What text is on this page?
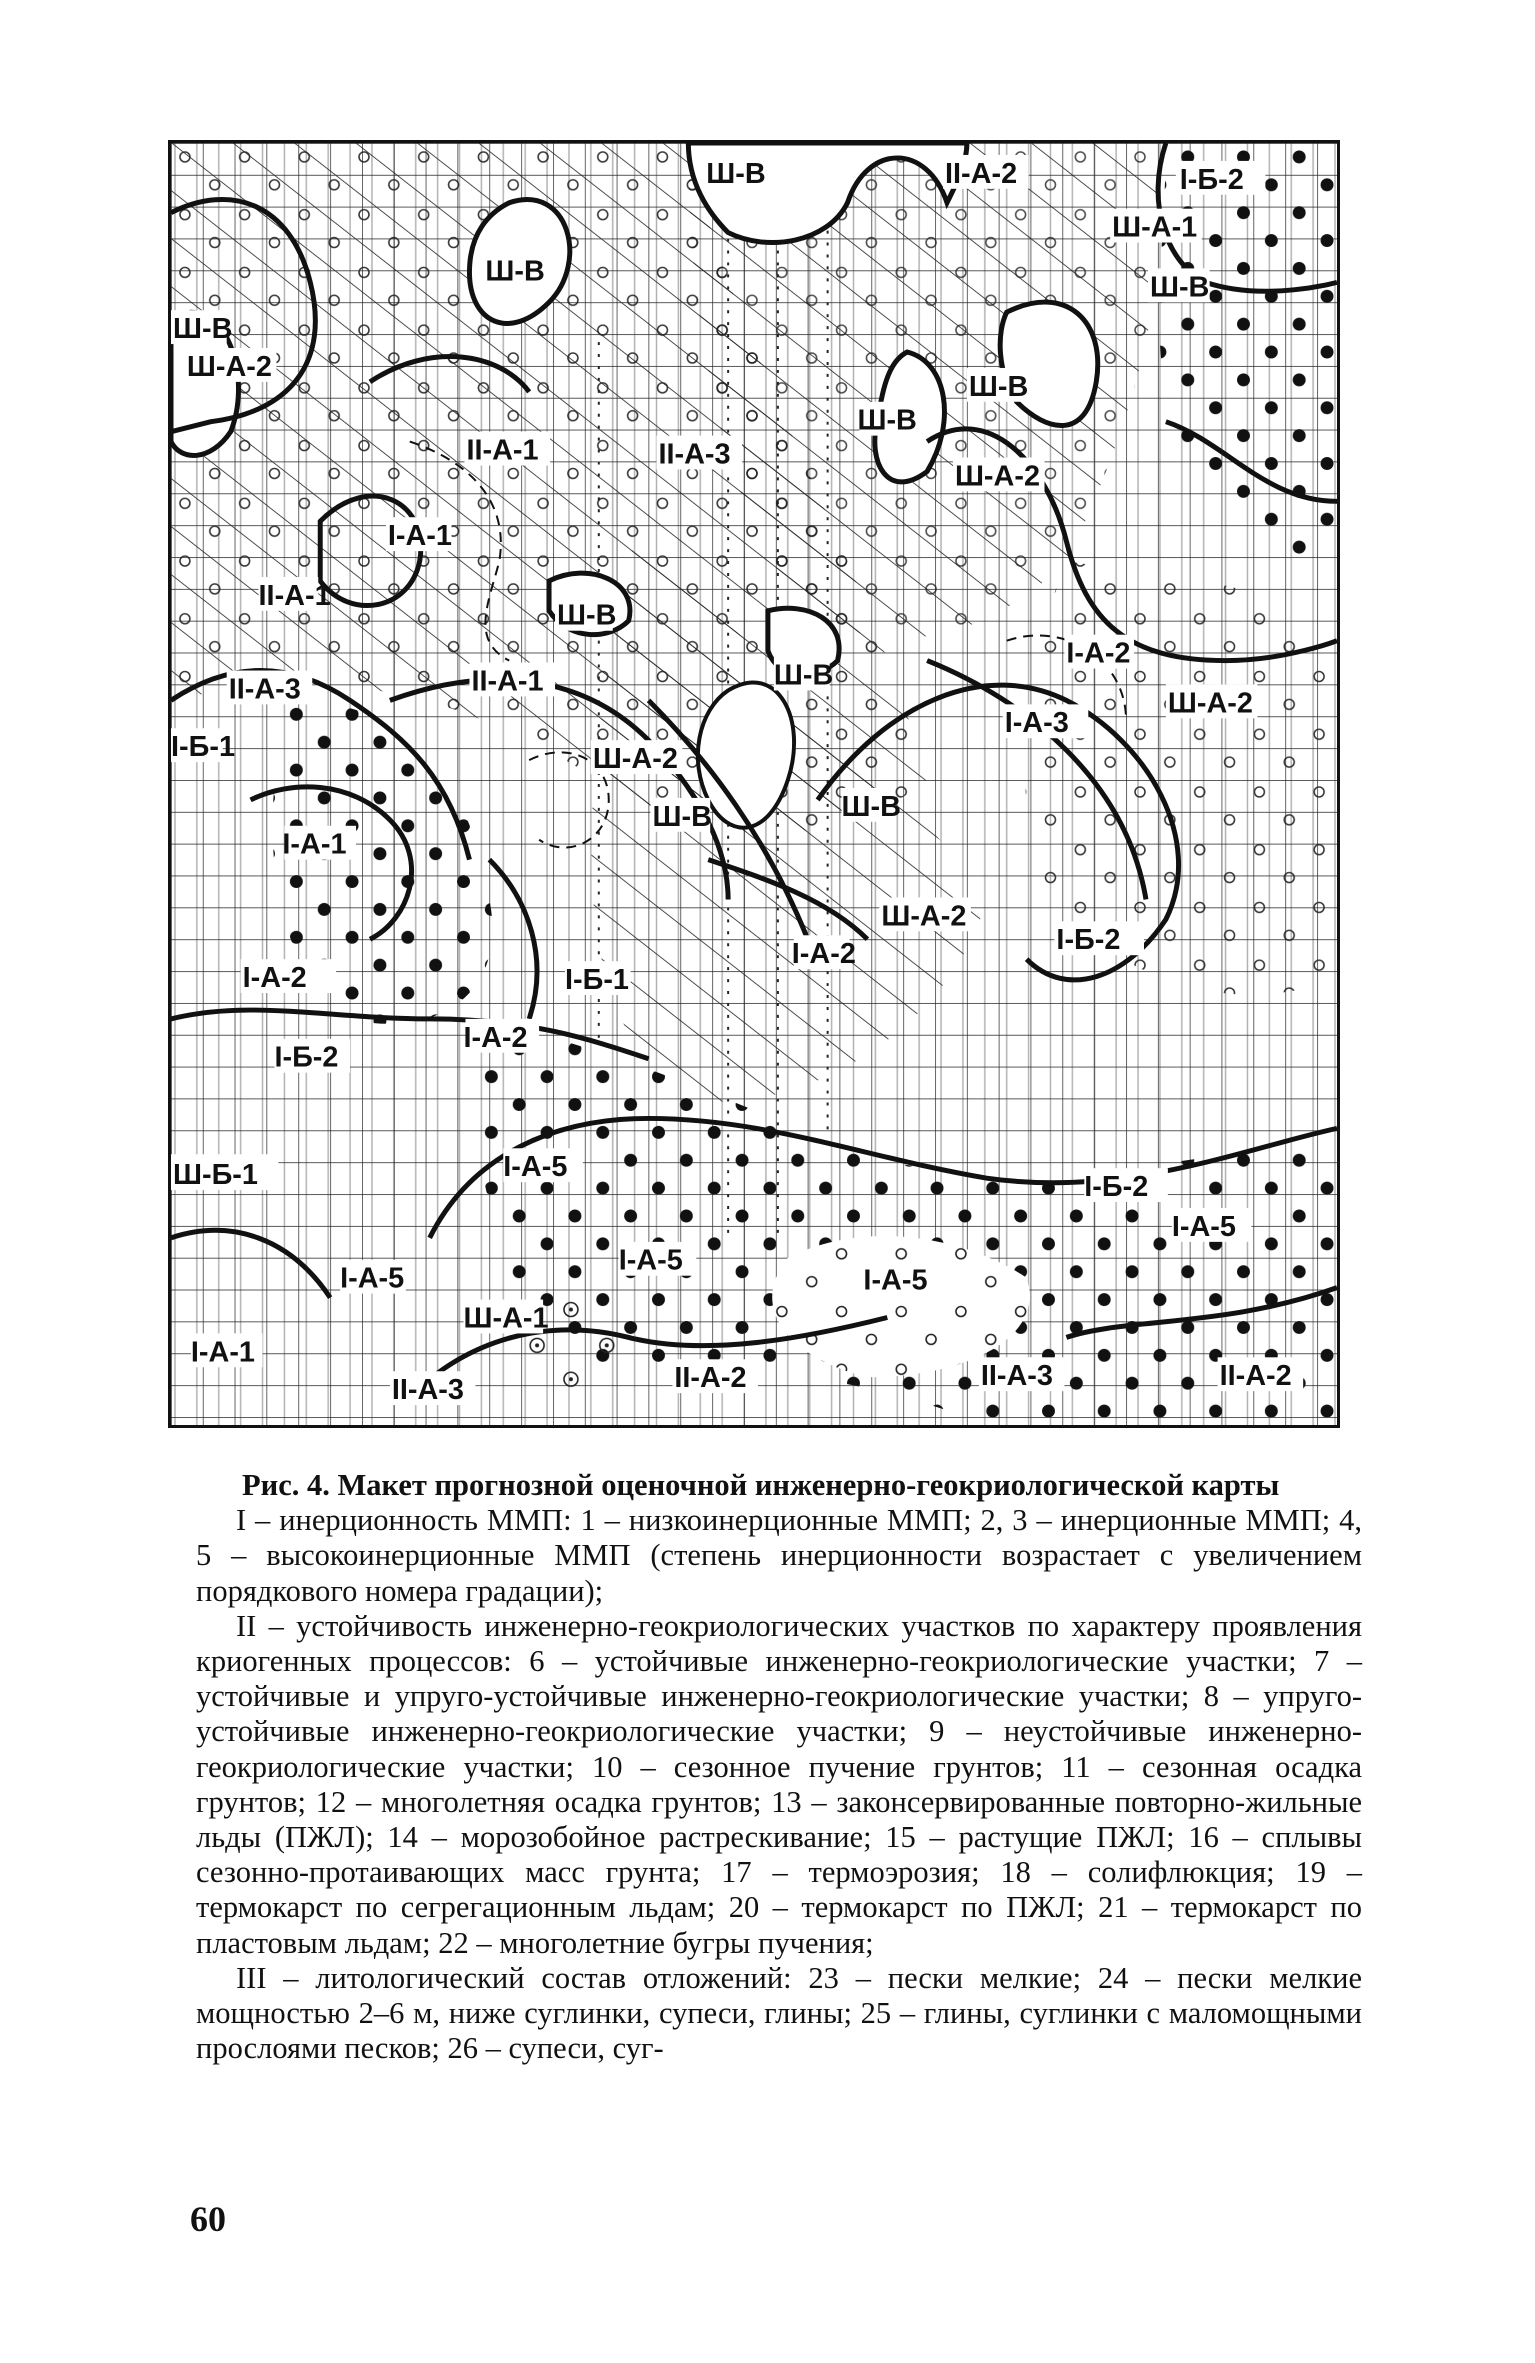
Ш-В	II-А-2	I-Б-2
Ш-А-1
Ш-В
Ш-В
Ш-В
Ш-А-2
II-А-1	II-А-3
Ш-В
Ш-В
Ш-А-2
I-А-1
II-А-1
Ш-В
II-А-3	II-А-1	Ш-В
I-А-2
Ш-А-2
I-А-3
I-Б-1	Ш-А-2
Ш-В	Ш-В
I-А-1
Ш-А-2
I-А-2	I-Б-2
I-А-2	I-Б-1
I-Б-2
I-А-2
Ш-Б-1	I-А-5
I-Б-2
I-А-5
I-А-5
I-А-5
I-А-5
Ш-А-1
I-А-1
II-А-3	II-А-2	II-А-3	II-А-2

Рис. 4. Макет прогнозной оценочной инженерно-геокриологической карты

I – инерционность ММП: 1 – низкоинерционные ММП; 2, 3 – инерционные ММП; 4, 5 – высокоинерционные ММП (степень инерционности возрастает с увеличением порядкового номера градации);

II – устойчивость инженерно-геокриологических участков по характеру проявления криогенных процессов: 6 – устойчивые инженерно-геокриологические участки; 7 – устойчивые и упруго-устойчивые инженерно-геокриологические участки; 8 – упруго-устойчивые инженерно-геокриологические участки; 9 – неустойчивые инженерно-геокриологические участки; 10 – сезонное пучение грунтов; 11 – сезонная осадка грунтов; 12 – многолетняя осадка грунтов; 13 – законсервированные повторно-жильные льды (ПЖЛ); 14 – морозобойное растрескивание; 15 – растущие ПЖЛ; 16 – сплывы сезонно-протаивающих масс грунта; 17 – термоэрозия; 18 – солифлюкция; 19 – термокарст по сегрегационным льдам; 20 – термокарст по ПЖЛ; 21 – термокарст по пластовым льдам; 22 – многолетние бугры пучения;

III – литологический состав отложений: 23 – пески мелкие; 24 – пески мелкие мощностью 2–6 м, ниже суглинки, супеси, глины; 25 – глины, суглинки с маломощными прослоями песков; 26 – супеси, суг-

60
